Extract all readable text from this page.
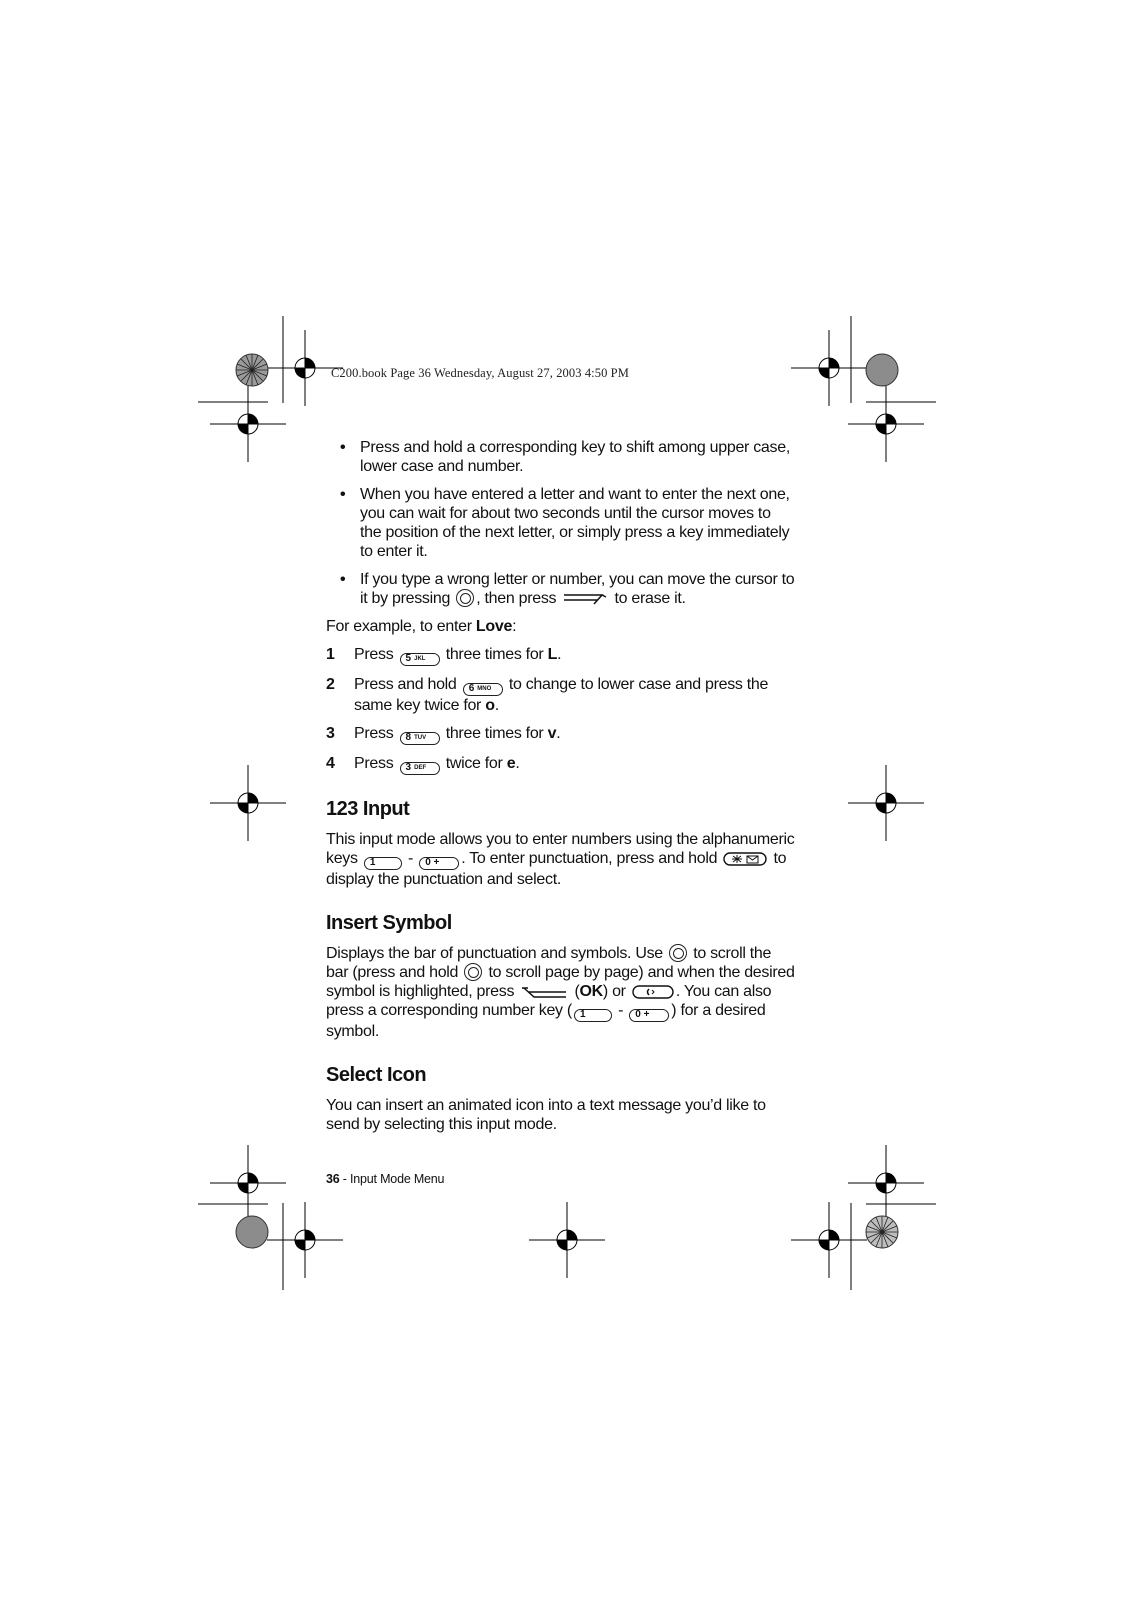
C200.book Page 36 Wednesday, August 27, 2003 4:50 PM
• Press and hold a corresponding key to shift among upper case, lower case and number.
• When you have entered a letter and want to enter the next one, you can wait for about two seconds until the cursor moves to the position of the next letter, or simply press a key immediately to enter it.
• If you type a wrong letter or number, you can move the cursor to it by pressing , then press	to erase it.
For example, to enter Love:
1 Press 5 JKL three times for L.
2 Press and hold 6 MNO to change to lower case and press the same key twice for o.
3 Press 8 TUV three times for v.
4 Press 3 DEF twice for e.
123 Input
This input mode allows you to enter numbers using the alphanumeric keys 1 - 0 + . To enter punctuation, press and hold	to display the punctuation and select.
Insert Symbol
Displays the bar of punctuation and symbols. Use  to scroll the bar (press and hold  to scroll page by page) and when the desired symbol is highlighted, press	(OK) or	. You can also press a corresponding number key ( 1 - 0 + ) for a desired symbol.
Select Icon
You can insert an animated icon into a text message you’d like to send by selecting this input mode.
36 - Input Mode Menu
